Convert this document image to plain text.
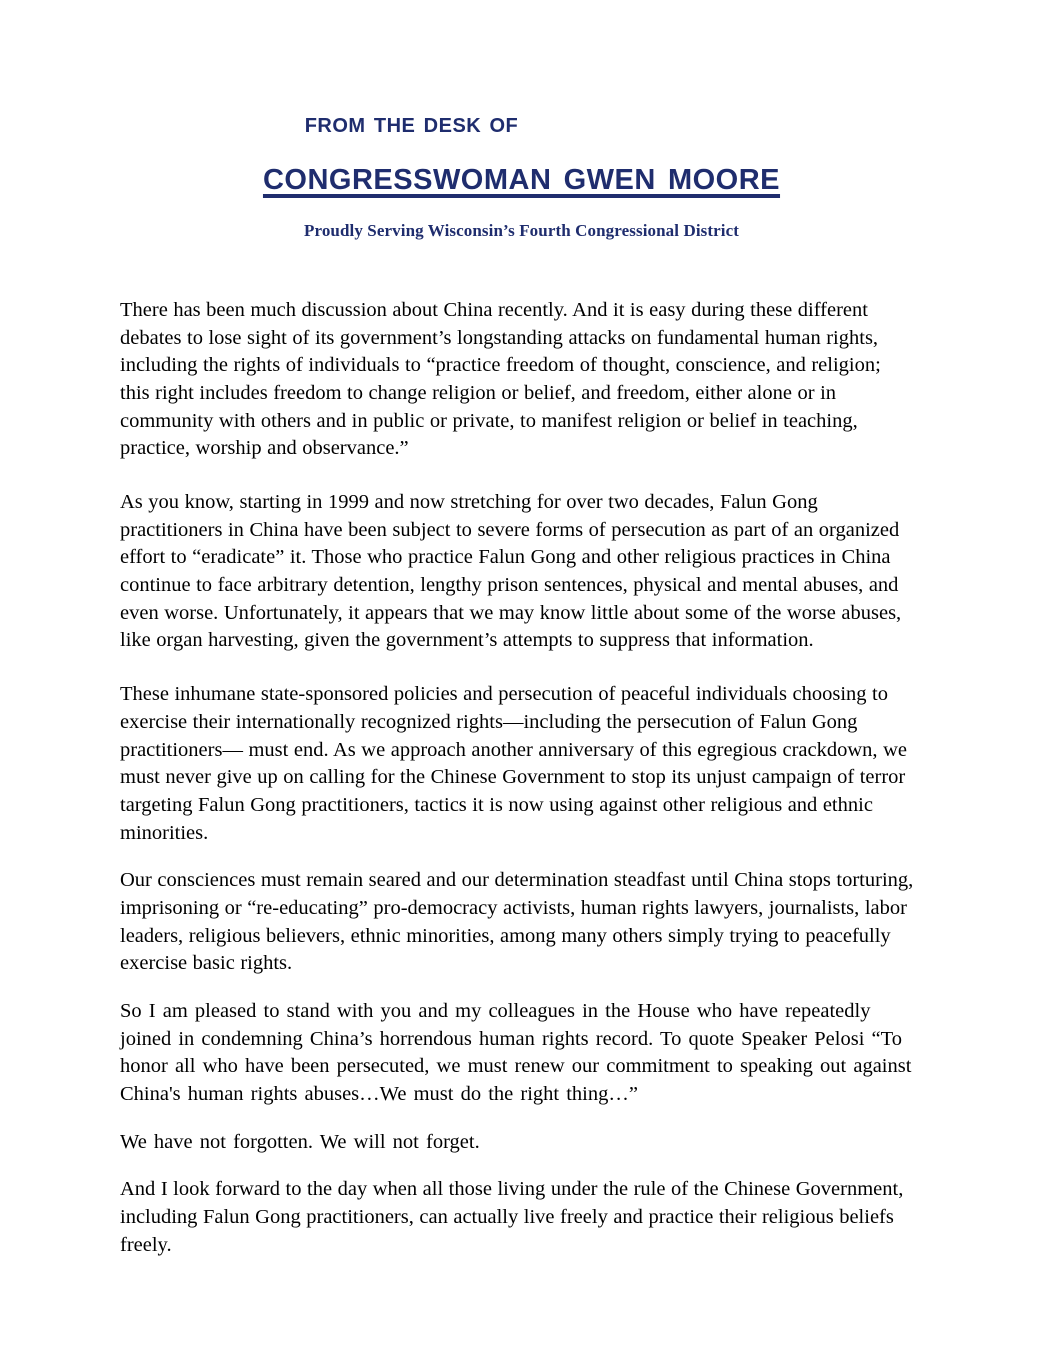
from the desk of
congresswoman gwen moore
Proudly Serving Wisconsin’s Fourth Congressional District

There has been much discussion about China recently. And it is easy during these different debates to lose sight of its government’s longstanding attacks on fundamental human rights, including the rights of individuals to “practice freedom of thought, conscience, and religion; this right includes freedom to change religion or belief, and freedom, either alone or in community with others and in public or private, to manifest religion or belief in teaching, practice, worship and observance.”

As you know, starting in 1999 and now stretching for over two decades, Falun Gong practitioners in China have been subject to severe forms of persecution as part of an organized effort to “eradicate” it. Those who practice Falun Gong and other religious practices in China continue to face arbitrary detention, lengthy prison sentences, physical and mental abuses, and even worse. Unfortunately, it appears that we may know little about some of the worse abuses, like organ harvesting, given the government’s attempts to suppress that information.

These inhumane state-sponsored policies and persecution of peaceful individuals choosing to exercise their internationally recognized rights—including the persecution of Falun Gong practitioners— must end. As we approach another anniversary of this egregious crackdown, we must never give up on calling for the Chinese Government to stop its unjust campaign of terror targeting Falun Gong practitioners, tactics it is now using against other religious and ethnic minorities.

Our consciences must remain seared and our determination steadfast until China stops torturing, imprisoning or “re-educating” pro-democracy activists, human rights lawyers, journalists, labor leaders, religious believers, ethnic minorities, among many others simply trying to peacefully exercise basic rights.

So I am pleased to stand with you and my colleagues in the House who have repeatedly joined in condemning China’s horrendous human rights record. To quote Speaker Pelosi “To honor all who have been persecuted, we must renew our commitment to speaking out against China's human rights abuses…We must do the right thing…”

We have not forgotten. We will not forget.

And I look forward to the day when all those living under the rule of the Chinese Government, including Falun Gong practitioners, can actually live freely and practice their religious beliefs freely.
